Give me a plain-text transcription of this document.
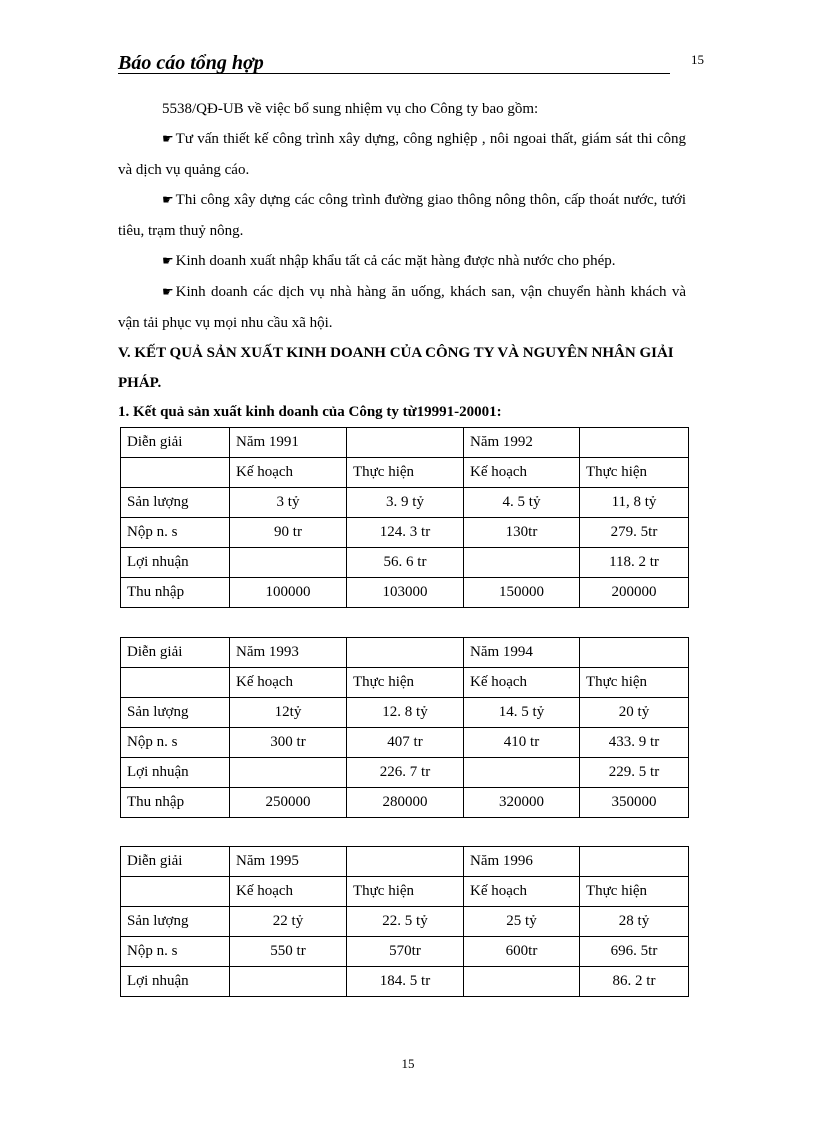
Báo cáo tổng hợp	15

5538/QĐ-UB về việc bổ sung nhiệm vụ cho Công ty bao gồm:

☛ Tư vấn thiết kế công trình xây dựng, công nghiệp , nôi ngoai thất, giám sát thi công và dịch vụ quảng cáo.

☛ Thi công xây dựng các công trình đường giao thông nông thôn, cấp thoát nước, tưới tiêu, trạm thuỷ nông.

☛ Kinh doanh xuất nhập khẩu tất cả các mặt hàng được nhà nước cho phép.

☛ Kinh doanh các dịch vụ nhà hàng ăn uống, khách san, vận chuyển hành khách và vận tải phục vụ mọi nhu cầu xã hội.

V. KẾT QUẢ SẢN XUẤT KINH DOANH CỦA CÔNG TY VÀ NGUYÊN NHÂN GIẢI PHÁP.

1. Kết quả sản xuất kinh doanh của Công ty từ19991-20001:

Diễn giải	Năm 1991		Năm 1992	
	Kế hoạch	Thực hiện	Kế hoạch	Thực hiện
Sản lượng	3 tỷ	3. 9 tỷ	4. 5 tỷ	11, 8 tỷ
Nộp n. s	90 tr	124. 3 tr	130tr	279. 5tr
Lợi nhuận		56. 6 tr		118. 2 tr
Thu nhập	100000	103000	150000	200000
Diễn giải	Năm 1993		Năm 1994	
	Kế hoạch	Thực hiện	Kế hoạch	Thực hiện
Sản lượng	12tỷ	12. 8 tỷ	14. 5 tỷ	20 tỷ
Nộp n. s	300 tr	407 tr	410 tr	433. 9 tr
Lợi nhuận		226. 7 tr		229. 5 tr
Thu nhập	250000	280000	320000	350000
Diễn giải	Năm 1995		Năm 1996	
	Kế hoạch	Thực hiện	Kế hoạch	Thực hiện
Sản lượng	22 tỷ	22. 5 tỷ	25 tỷ	28 tỷ
Nộp n. s	550 tr	570tr	600tr	696. 5tr
Lợi nhuận		184. 5 tr		86. 2 tr
15
